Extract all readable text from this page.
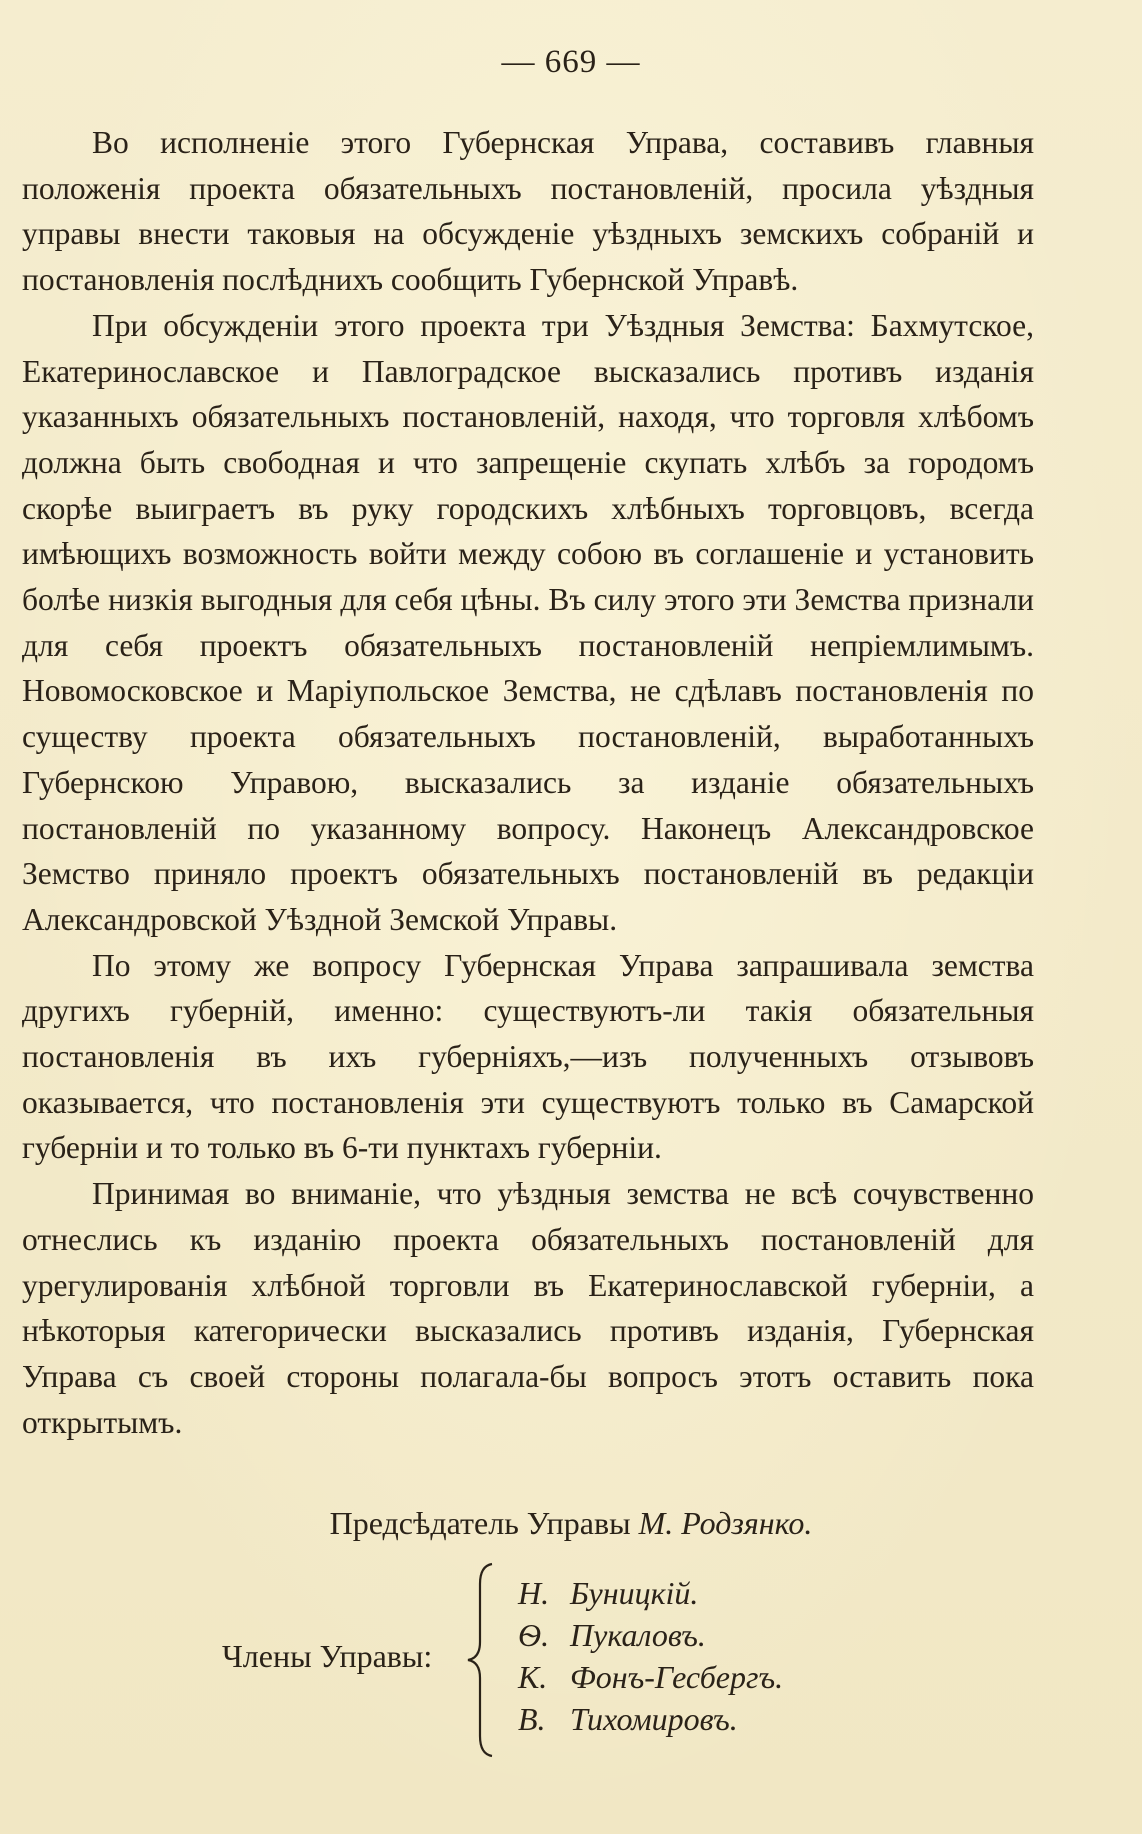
— 669 —

Во исполненіе этого Губернская Управа, составивъ главныя положенія проекта обязательныхъ постановленій, просила уѣздныя управы внести таковыя на обсужденіе уѣздныхъ земскихъ собраній и постановленія послѣднихъ сообщить Губернской Управѣ.

При обсужденіи этого проекта три Уѣздныя Земства: Бахмутское, Екатеринославское и Павлоградское высказались противъ изданія указанныхъ обязательныхъ постановленій, находя, что торговля хлѣбомъ должна быть свободная и что запрещеніе скупать хлѣбъ за городомъ скорѣе выиграетъ въ руку городскихъ хлѣбныхъ торговцовъ, всегда имѣющихъ возможность войти между собою въ соглашеніе и установить болѣе низкія выгодныя для себя цѣны. Въ силу этого эти Земства признали для себя проектъ обязательныхъ постановленій непріемлимымъ. Новомосковское и Маріупольское Земства, не сдѣлавъ постановленія по существу проекта обязательныхъ постановленій, выработанныхъ Губернскою Управою, высказались за изданіе обязательныхъ постановленій по указанному вопросу. Наконецъ Александровское Земство приняло проектъ обязательныхъ постановленій въ редакціи Александровской Уѣздной Земской Управы.

По этому же вопросу Губернская Управа запрашивала земства другихъ губерній, именно: существуютъ-ли такія обязательныя постановленія въ ихъ губерніяхъ,—изъ полученныхъ отзывовъ оказывается, что постановленія эти существуютъ только въ Самарской губерніи и то только въ 6-ти пунктахъ губерніи.

Принимая во вниманіе, что уѣздныя земства не всѣ сочувственно отнеслись къ изданію проекта обязательныхъ постановленій для урегулированія хлѣбной торговли въ Екатеринославской губерніи, а нѣкоторыя категорически высказались противъ изданія, Губернская Управа съ своей стороны полагала-бы вопросъ этотъ оставить пока открытымъ.

Предсѣдатель Управы М. Родзянко.
Члены Управы:
Н. Буницкій.
Ѳ. Пукаловъ.
К. Фонъ-Гесбергъ.
В. Тихомировъ.
